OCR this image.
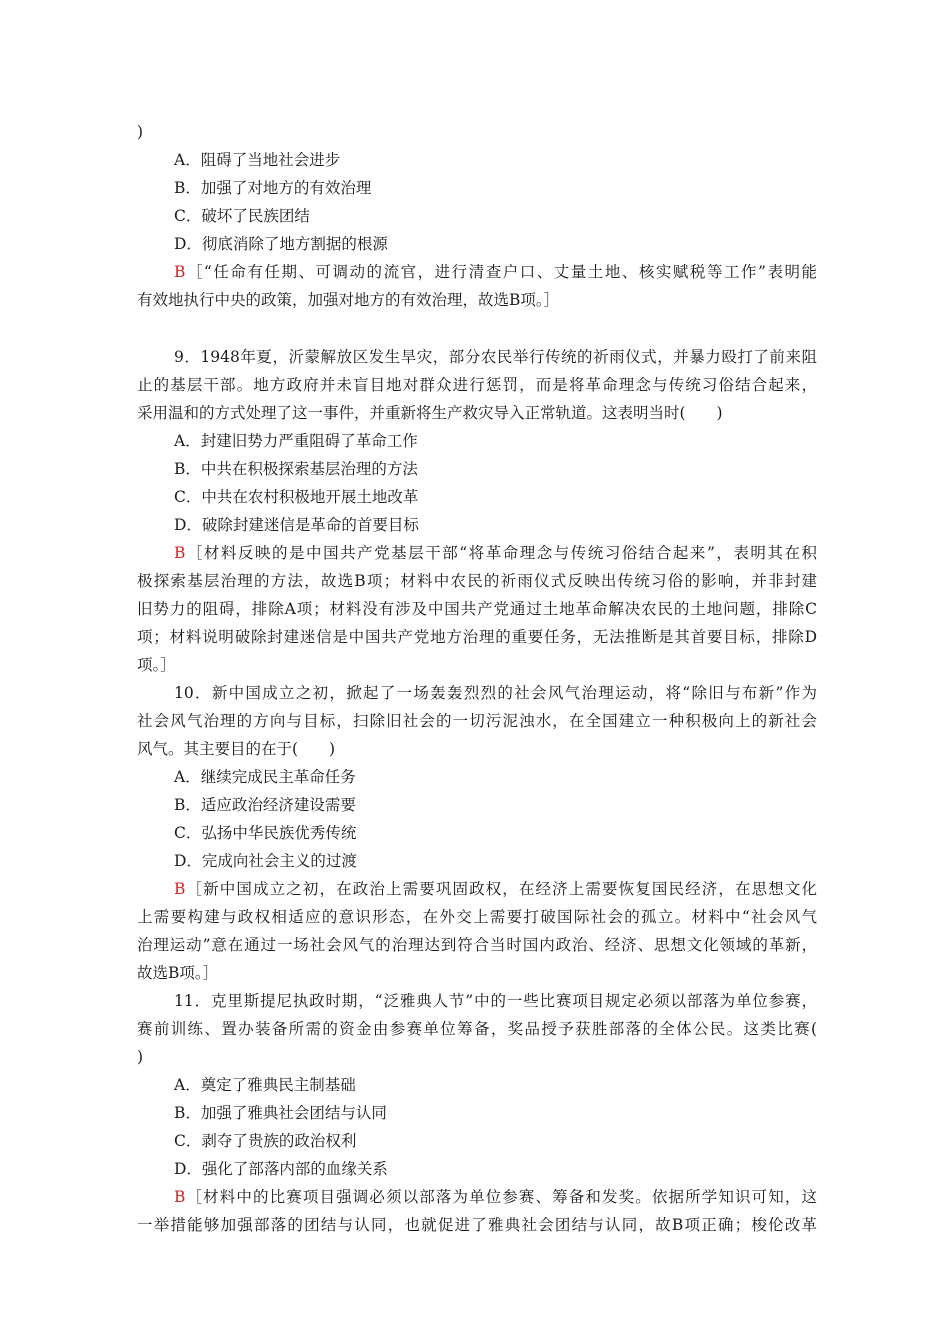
)
A．阻碍了当地社会进步
B．加强了对地方的有效治理
C．破坏了民族团结
D．彻底消除了地方割据的根源
B［“任命有任期、可调动的流官，进行清查户口、丈量土地、核实赋税等工作”表明能
有效地执行中央的政策，加强对地方的有效治理，故选B项。］
9．1948年夏，沂蒙解放区发生旱灾，部分农民举行传统的祈雨仪式，并暴力殴打了前来阻
止的基层干部。地方政府并未盲目地对群众进行惩罚，而是将革命理念与传统习俗结合起来，
采用温和的方式处理了这一事件，并重新将生产救灾导入正常轨道。这表明当时(　　)
A．封建旧势力严重阻碍了革命工作
B．中共在积极探索基层治理的方法
C．中共在农村积极地开展土地改革
D．破除封建迷信是革命的首要目标
B［材料反映的是中国共产党基层干部“将革命理念与传统习俗结合起来”，表明其在积
极探索基层治理的方法，故选B项；材料中农民的祈雨仪式反映出传统习俗的影响，并非封建
旧势力的阻碍，排除A项；材料没有涉及中国共产党通过土地革命解决农民的土地问题，排除C
项；材料说明破除封建迷信是中国共产党地方治理的重要任务，无法推断是其首要目标，排除D
项。］
10．新中国成立之初，掀起了一场轰轰烈烈的社会风气治理运动，将“除旧与布新”作为
社会风气治理的方向与目标，扫除旧社会的一切污泥浊水，在全国建立一种积极向上的新社会
风气。其主要目的在于(　　)
A．继续完成民主革命任务
B．适应政治经济建设需要
C．弘扬中华民族优秀传统
D．完成向社会主义的过渡
B［新中国成立之初，在政治上需要巩固政权，在经济上需要恢复国民经济，在思想文化
上需要构建与政权相适应的意识形态，在外交上需要打破国际社会的孤立。材料中“社会风气
治理运动”意在通过一场社会风气的治理达到符合当时国内政治、经济、思想文化领域的革新，
故选B项。］
11．克里斯提尼执政时期，“泛雅典人节”中的一些比赛项目规定必须以部落为单位参赛，
赛前训练、置办装备所需的资金由参赛单位筹备，奖品授予获胜部落的全体公民。这类比赛(
)
A．奠定了雅典民主制基础
B．加强了雅典社会团结与认同
C．剥夺了贵族的政治权利
D．强化了部落内部的血缘关系
B［材料中的比赛项目强调必须以部落为单位参赛、筹备和发奖。依据所学知识可知，这
一举措能够加强部落的团结与认同，也就促进了雅典社会团结与认同，故B项正确；梭伦改革
